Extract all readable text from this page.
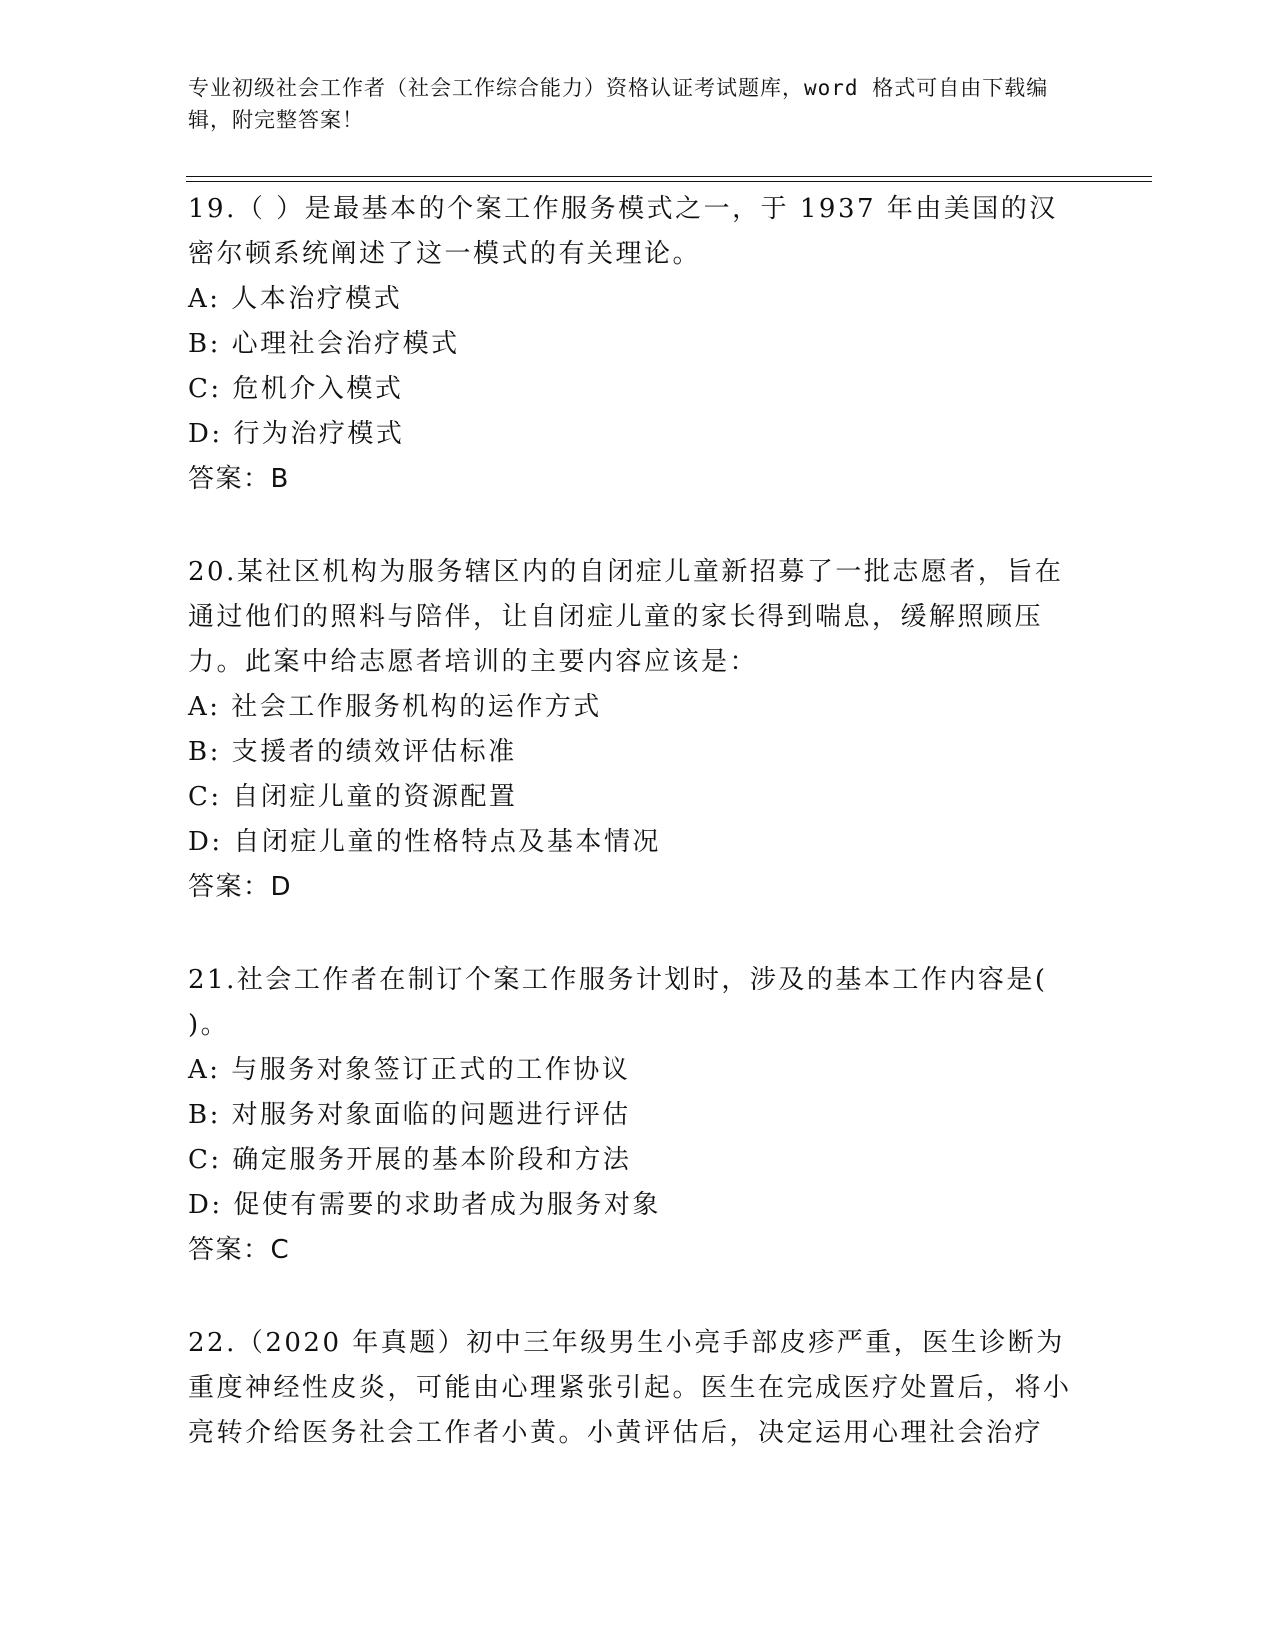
专业初级社会工作者（社会工作综合能力）资格认证考试题库，word 格式可自由下载编辑，附完整答案！

19.（ ）是最基本的个案工作服务模式之一，于 1937 年由美国的汉密尔顿系统阐述了这一模式的有关理论。

A: 人本治疗模式

B: 心理社会治疗模式

C: 危机介入模式

D: 行为治疗模式

答案：B

20.某社区机构为服务辖区内的自闭症儿童新招募了一批志愿者，旨在通过他们的照料与陪伴，让自闭症儿童的家长得到喘息，缓解照顾压力。此案中给志愿者培训的主要内容应该是：

A: 社会工作服务机构的运作方式

B: 支援者的绩效评估标准

C: 自闭症儿童的资源配置

D: 自闭症儿童的性格特点及基本情况

答案：D

21.社会工作者在制订个案工作服务计划时，涉及的基本工作内容是( )。

A: 与服务对象签订正式的工作协议

B: 对服务对象面临的问题进行评估

C: 确定服务开展的基本阶段和方法

D: 促使有需要的求助者成为服务对象

答案：C

22.（2020 年真题）初中三年级男生小亮手部皮疹严重，医生诊断为重度神经性皮炎，可能由心理紧张引起。医生在完成医疗处置后，将小亮转介给医务社会工作者小黄。小黄评估后，决定运用心理社会治疗
